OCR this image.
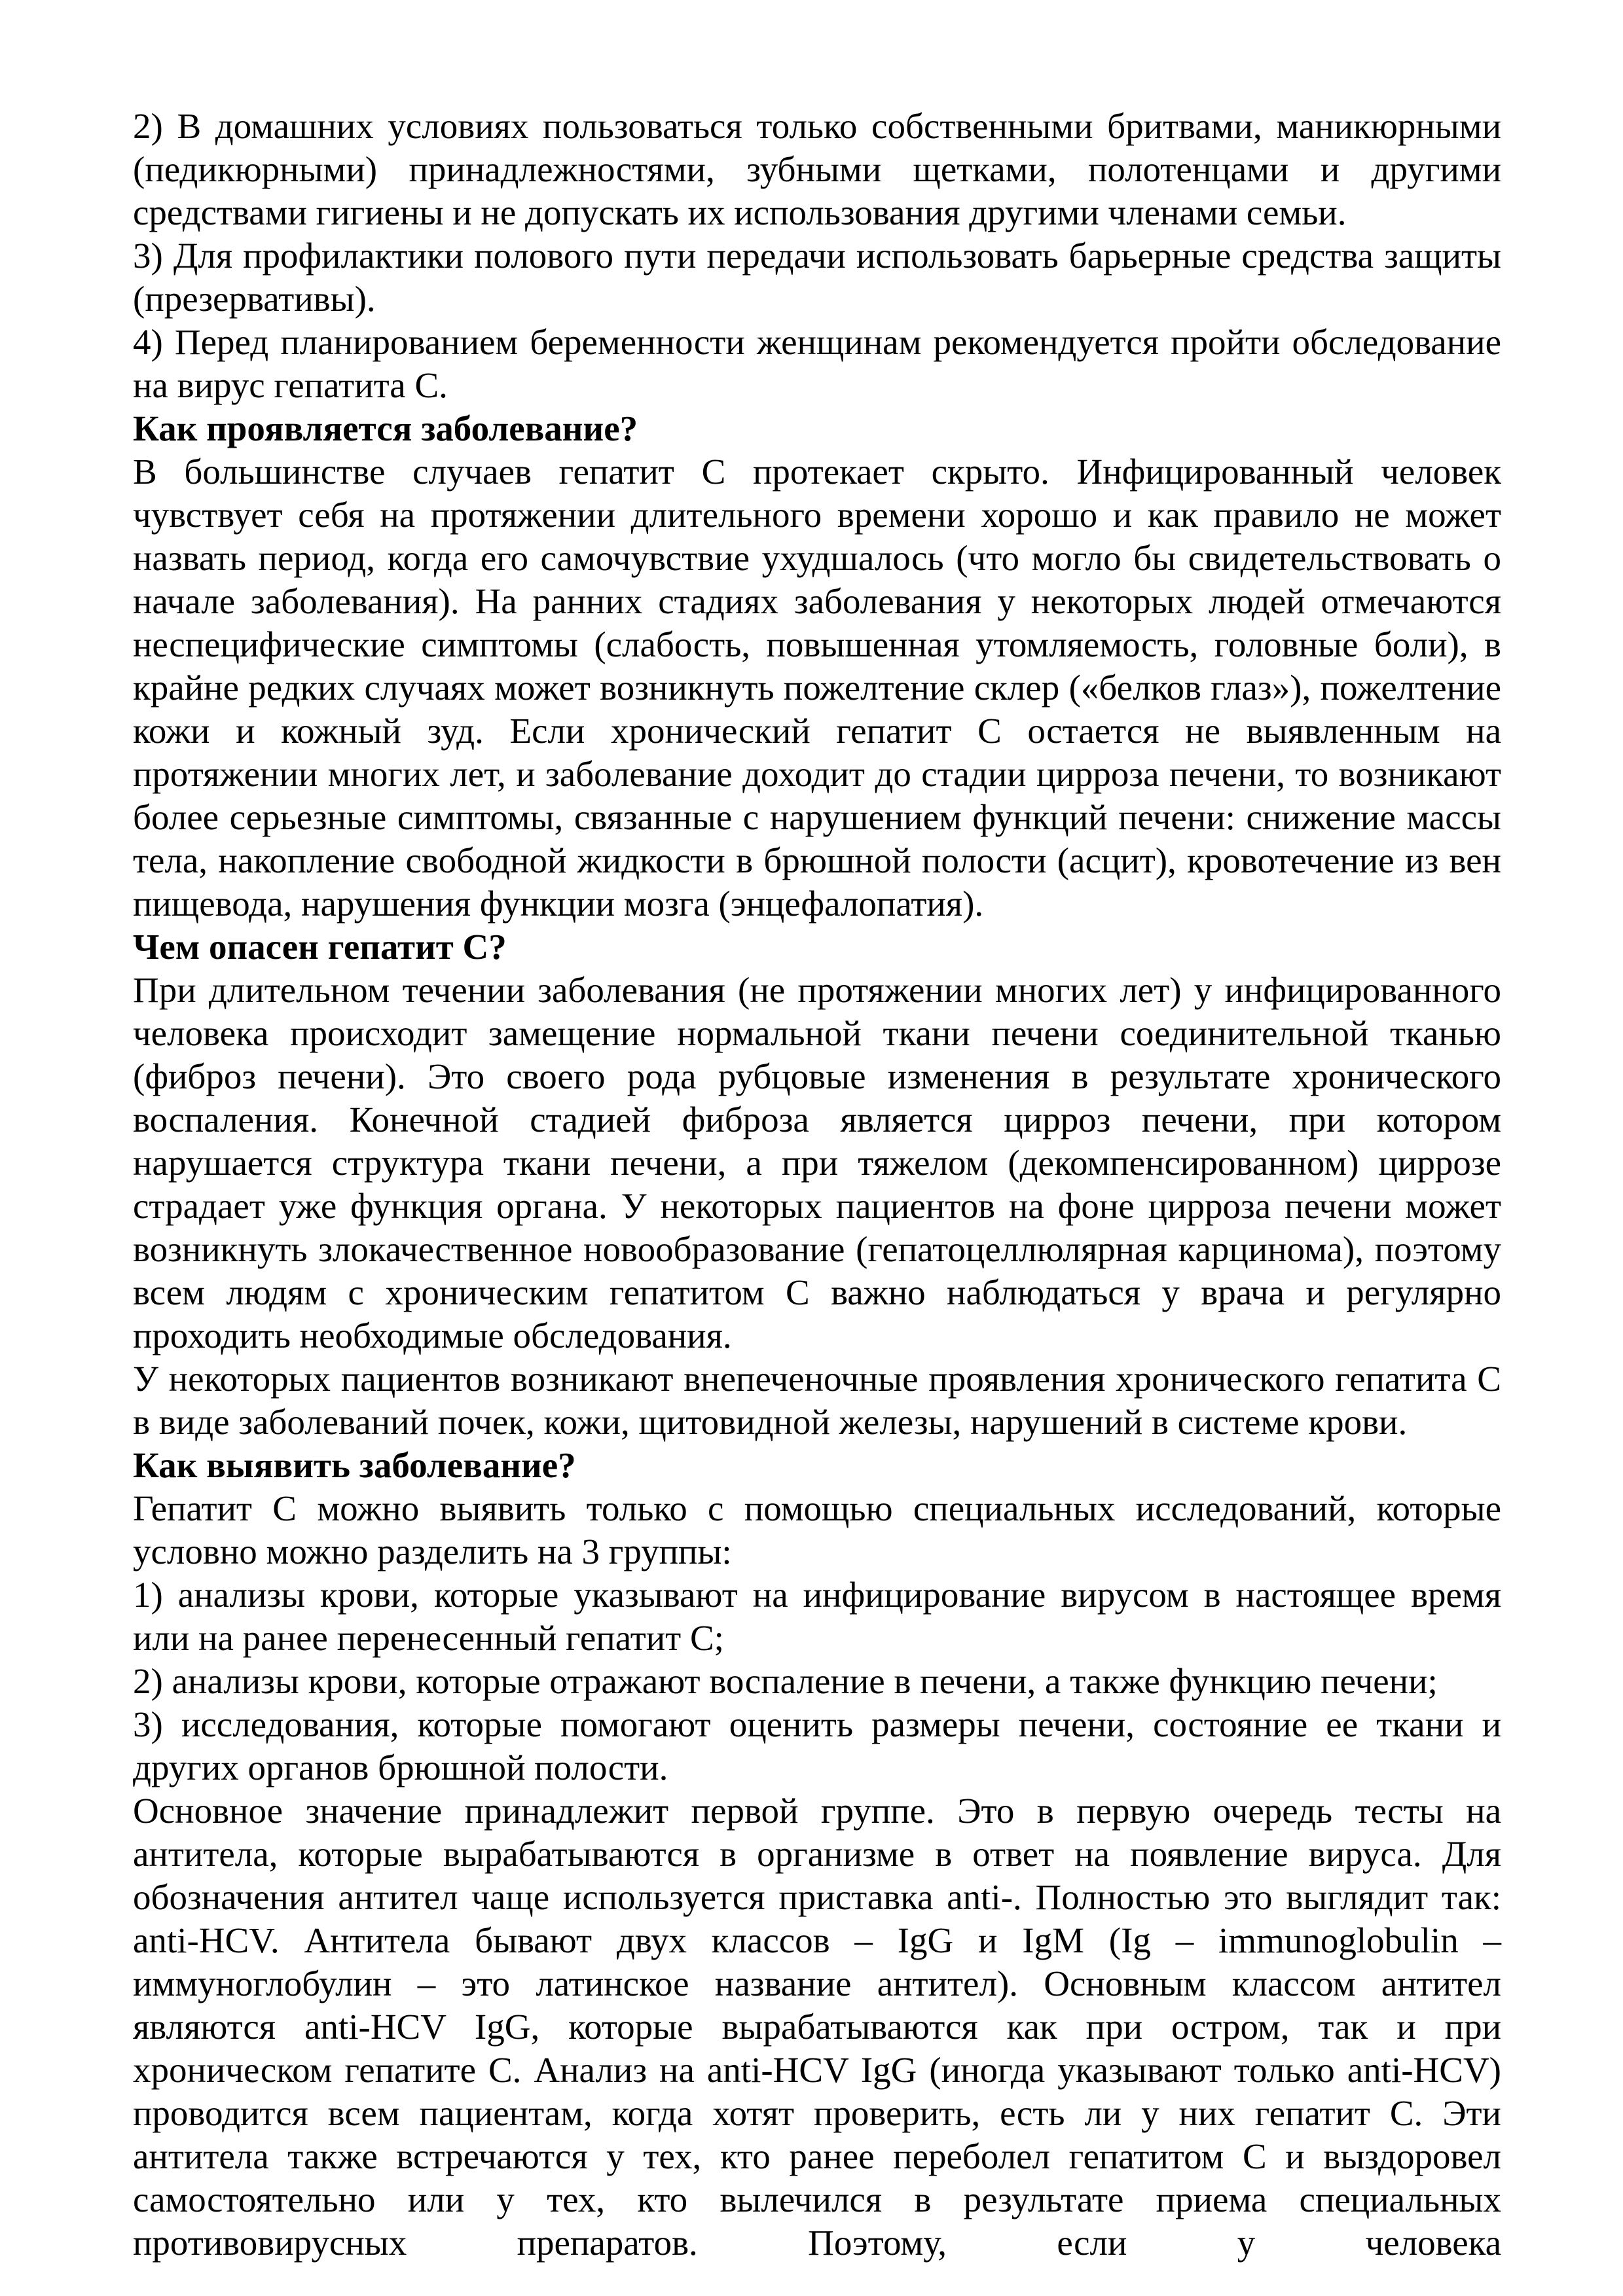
2) В домашних условиях пользоваться только собственными бритвами, маникюрными (педикюрными) принадлежностями, зубными щетками, полотенцами и другими средствами гигиены и не допускать их использования другими членами семьи.

3) Для профилактики полового пути передачи использовать барьерные средства защиты (презервативы).

4) Перед планированием беременности женщинам рекомендуется пройти обследование на вирус гепатита С.

Как проявляется заболевание?

В большинстве случаев гепатит С протекает скрыто. Инфицированный человек чувствует себя на протяжении длительного времени хорошо и как правило не может назвать период, когда его самочувствие ухудшалось (что могло бы свидетельствовать о начале заболевания). На ранних стадиях заболевания у некоторых людей отмечаются неспецифические симптомы (слабость, повышенная утомляемость, головные боли), в крайне редких случаях может возникнуть пожелтение склер («белков глаз»), пожелтение кожи и кожный зуд. Если хронический гепатит С остается не выявленным на протяжении многих лет, и заболевание доходит до стадии цирроза печени, то возникают более серьезные симптомы, связанные с нарушением функций печени: снижение массы тела, накопление свободной жидкости в брюшной полости (асцит), кровотечение из вен пищевода, нарушения функции мозга (энцефалопатия).

Чем опасен гепатит С?

При длительном течении заболевания (не протяжении многих лет) у инфицированного человека происходит замещение нормальной ткани печени соединительной тканью (фиброз печени). Это своего рода рубцовые изменения в результате хронического воспаления. Конечной стадией фиброза является цирроз печени, при котором нарушается структура ткани печени, а при тяжелом (декомпенсированном) циррозе страдает уже функция органа. У некоторых пациентов на фоне цирроза печени может возникнуть злокачественное новообразование (гепатоцеллюлярная карцинома), поэтому всем людям с хроническим гепатитом С важно наблюдаться у врача и регулярно проходить необходимые обследования.

У некоторых пациентов возникают внепеченочные проявления хронического гепатита С в виде заболеваний почек, кожи, щитовидной железы, нарушений в системе крови.

Как выявить заболевание?

Гепатит С можно выявить только с помощью специальных исследований, которые условно можно разделить на 3 группы:

1) анализы крови, которые указывают на инфицирование вирусом в настоящее время или на ранее перенесенный гепатит С;

2) анализы крови, которые отражают воспаление в печени, а также функцию печени;

3) исследования, которые помогают оценить размеры печени, состояние ее ткани и других органов брюшной полости.

Основное значение принадлежит первой группе. Это в первую очередь тесты на антитела, которые вырабатываются в организме в ответ на появление вируса. Для обозначения антител чаще используется приставка anti-. Полностью это выглядит так: anti-HCV. Антитела бывают двух классов – IgG и IgM (Ig – immunoglobulin – иммуноглобулин – это латинское название антител). Основным классом антител являются anti-HCV IgG, которые вырабатываются как при остром, так и при хроническом гепатите С. Анализ на anti-HCV IgG (иногда указывают только anti-HCV) проводится всем пациентам, когда хотят проверить, есть ли у них гепатит С. Эти антитела также встречаются у тех, кто ранее переболел гепатитом С и выздоровел самостоятельно или у тех, кто вылечился в результате приема специальных противовирусных препаратов. Поэтому, если у человека
